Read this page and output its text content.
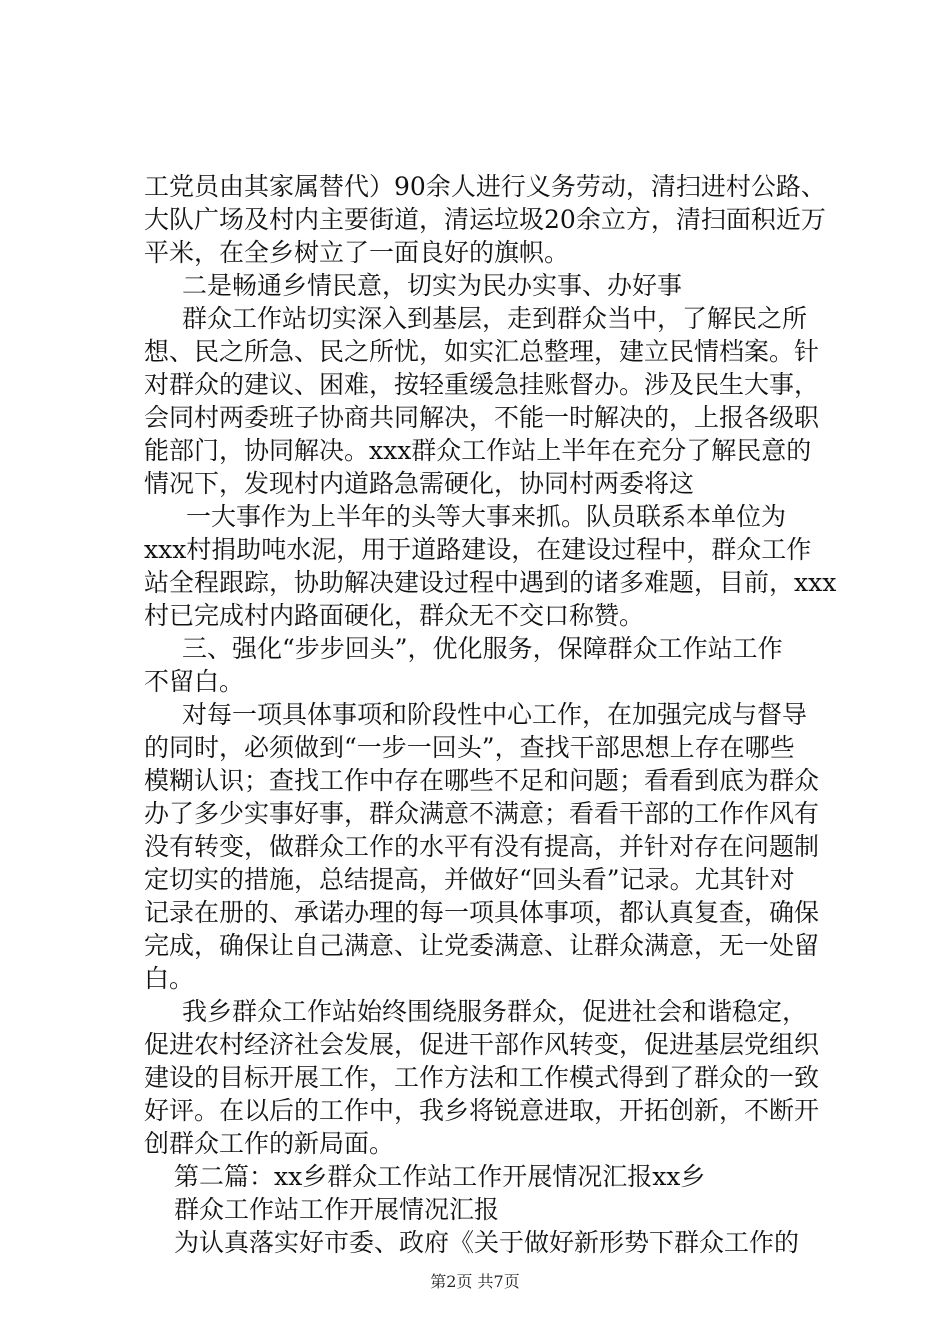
工党员由其家属替代）90余人进行义务劳动，清扫进村公路、
大队广场及村内主要街道，清运垃圾20余立方，清扫面积近万
平米，在全乡树立了一面良好的旗帜。
二是畅通乡情民意，切实为民办实事、办好事
群众工作站切实深入到基层，走到群众当中，了解民之所
想、民之所急、民之所忧，如实汇总整理，建立民情档案。针
对群众的建议、困难，按轻重缓急挂账督办。涉及民生大事，
会同村两委班子协商共同解决，不能一时解决的，上报各级职
能部门，协同解决。xxx群众工作站上半年在充分了解民意的
情况下，发现村内道路急需硬化，协同村两委将这
一大事作为上半年的头等大事来抓。队员联系本单位为
xxx村捐助吨水泥，用于道路建设，在建设过程中，群众工作
站全程跟踪，协助解决建设过程中遇到的诸多难题，目前，xxx
村已完成村内路面硬化，群众无不交口称赞。
三、强化“步步回头”，优化服务，保障群众工作站工作
不留白。
对每一项具体事项和阶段性中心工作，在加强完成与督导
的同时，必须做到“一步一回头”，查找干部思想上存在哪些
模糊认识；查找工作中存在哪些不足和问题；看看到底为群众
办了多少实事好事，群众满意不满意；看看干部的工作作风有
没有转变，做群众工作的水平有没有提高，并针对存在问题制
定切实的措施，总结提高，并做好“回头看”记录。尤其针对
记录在册的、承诺办理的每一项具体事项，都认真复查，确保
完成，确保让自己满意、让党委满意、让群众满意，无一处留
白。
我乡群众工作站始终围绕服务群众，促进社会和谐稳定，
促进农村经济社会发展，促进干部作风转变，促进基层党组织
建设的目标开展工作，工作方法和工作模式得到了群众的一致
好评。在以后的工作中，我乡将锐意进取，开拓创新，不断开
创群众工作的新局面。
第二篇：xx乡群众工作站工作开展情况汇报xx乡
群众工作站工作开展情况汇报
为认真落实好市委、政府《关于做好新形势下群众工作的
第2页 共7页
